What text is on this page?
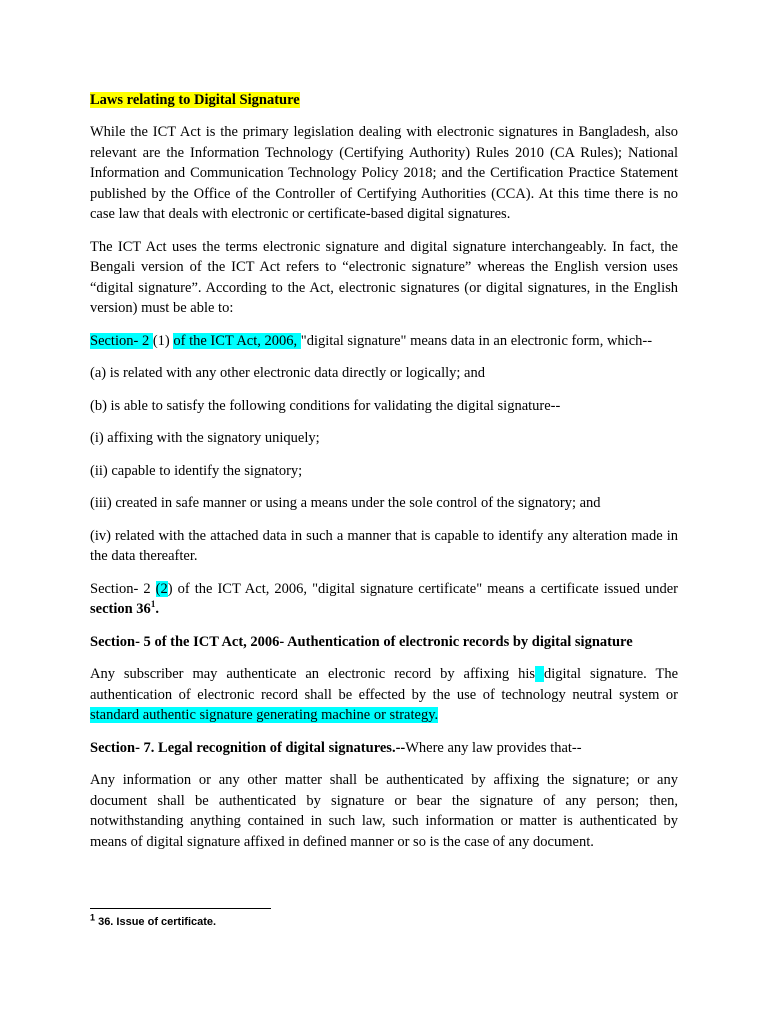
Laws relating to Digital Signature

While the ICT Act is the primary legislation dealing with electronic signatures in Bangladesh, also relevant are the Information Technology (Certifying Authority) Rules 2010 (CA Rules); National Information and Communication Technology Policy 2018; and the Certification Practice Statement published by the Office of the Controller of Certifying Authorities (CCA). At this time there is no case law that deals with electronic or certificate-based digital signatures.

The ICT Act uses the terms electronic signature and digital signature interchangeably. In fact, the Bengali version of the ICT Act refers to “electronic signature” whereas the English version uses “digital signature”. According to the Act, electronic signatures (or digital signatures, in the English version) must be able to:

Section- 2 (1) of the ICT Act, 2006, "digital signature" means data in an electronic form, which--

(a) is related with any other electronic data directly or logically; and

(b) is able to satisfy the following conditions for validating the digital signature--

(i) affixing with the signatory uniquely;

(ii) capable to identify the signatory;

(iii) created in safe manner or using a means under the sole control of the signatory; and

(iv) related with the attached data in such a manner that is capable to identify any alteration made in the data thereafter.

Section- 2 (2) of the ICT Act, 2006, "digital signature certificate" means a certificate issued under section $36^1$.

Section- 5 of the ICT Act, 2006- Authentication of electronic records by digital signature

Any subscriber may authenticate an electronic record by affixing his digital signature. The authentication of electronic record shall be effected by the use of technology neutral system or standard authentic signature generating machine or strategy.

Section- 7. Legal recognition of digital signatures.--Where any law provides that--

Any information or any other matter shall be authenticated by affixing the signature; or any document shall be authenticated by signature or bear the signature of any person; then, notwithstanding anything contained in such law, such information or matter is authenticated by means of digital signature affixed in defined manner or so is the case of any document.

$^1$ 36. Issue of certificate.
